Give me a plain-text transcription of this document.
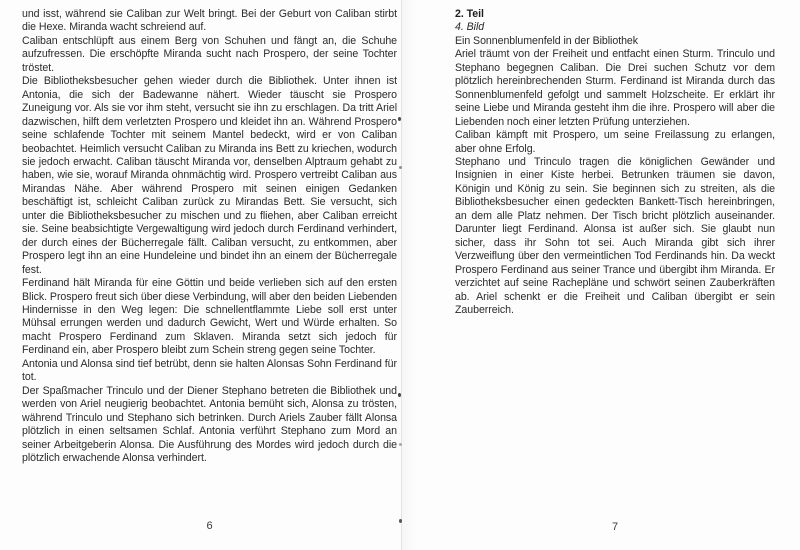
und isst, während sie Caliban zur Welt bringt. Bei der Geburt von Caliban stirbt die Hexe. Miranda wacht schreiend auf.

Caliban entschlüpft aus einem Berg von Schuhen und fängt an, die Schuhe aufzufressen. Die erschöpfte Miranda sucht nach Prospero, der seine Tochter tröstet.

Die Bibliotheksbesucher gehen wieder durch die Bibliothek. Unter ihnen ist Antonia, die sich der Badewanne nähert. Wieder täuscht sie Prospero Zuneigung vor. Als sie vor ihm steht, versucht sie ihn zu erschlagen. Da tritt Ariel dazwischen, hilft dem verletzten Prospero und kleidet ihn an. Während Prospero seine schlafende Tochter mit seinem Mantel bedeckt, wird er von Caliban beobachtet. Heimlich versucht Caliban zu Miranda ins Bett zu kriechen, wodurch sie jedoch erwacht. Caliban täuscht Miranda vor, denselben Alptraum gehabt zu haben, wie sie, worauf Miranda ohnmächtig wird. Prospero vertreibt Caliban aus Mirandas Nähe. Aber während Prospero mit seinen einigen Gedanken beschäftigt ist, schleicht Caliban zurück zu Mirandas Bett. Sie versucht, sich unter die Bibliotheksbesucher zu mischen und zu fliehen, aber Caliban erreicht sie. Seine beabsichtigte Vergewaltigung wird jedoch durch Ferdinand verhindert, der durch eines der Bücherregale fällt. Caliban versucht, zu entkommen, aber Prospero legt ihn an eine Hundeleine und bindet ihn an einem der Bücherregale fest.

Ferdinand hält Miranda für eine Göttin und beide verlieben sich auf den ersten Blick. Prospero freut sich über diese Verbindung, will aber den beiden Liebenden Hindernisse in den Weg legen: Die schnellentflammte Liebe soll erst unter Mühsal errungen werden und dadurch Gewicht, Wert und Würde erhalten. So macht Prospero Ferdinand zum Sklaven. Miranda setzt sich jedoch für Ferdinand ein, aber Prospero bleibt zum Schein streng gegen seine Tochter.

Antonia und Alonsa sind tief betrübt, denn sie halten Alonsas Sohn Ferdinand für tot.

Der Spaßmacher Trinculo und der Diener Stephano betreten die Bibliothek und werden von Ariel neugierig beobachtet. Antonia bemüht sich, Alonsa zu trösten, während Trinculo und Stephano sich betrinken. Durch Ariels Zauber fällt Alonsa plötzlich in einen seltsamen Schlaf. Antonia verführt Stephano zum Mord an seiner Arbeitgeberin Alonsa. Die Ausführung des Mordes wird jedoch durch die plötzlich erwachende Alonsa verhindert.

2. Teil

4. Bild

Ein Sonnenblumenfeld in der Bibliothek

Ariel träumt von der Freiheit und entfacht einen Sturm. Trinculo und Stephano begegnen Caliban. Die Drei suchen Schutz vor dem plötzlich hereinbrechenden Sturm. Ferdinand ist Miranda durch das Sonnenblumenfeld gefolgt und sammelt Holzscheite. Er erklärt ihr seine Liebe und Miranda gesteht ihm die ihre. Prospero will aber die Liebenden noch einer letzten Prüfung unterziehen.

Caliban kämpft mit Prospero, um seine Freilassung zu erlangen, aber ohne Erfolg.

Stephano und Trinculo tragen die königlichen Gewänder und Insignien in einer Kiste herbei. Betrunken träumen sie davon, Königin und König zu sein. Sie beginnen sich zu streiten, als die Bibliotheksbesucher einen gedeckten Bankett-Tisch hereinbringen, an dem alle Platz nehmen. Der Tisch bricht plötzlich auseinander. Darunter liegt Ferdinand. Alonsa ist außer sich. Sie glaubt nun sicher, dass ihr Sohn tot sei. Auch Miranda gibt sich ihrer Verzweiflung über den vermeintlichen Tod Ferdinands hin. Da weckt Prospero Ferdinand aus seiner Trance und übergibt ihm Miranda. Er verzichtet auf seine Rachepläne und schwört seinen Zauberkräften ab. Ariel schenkt er die Freiheit und Caliban übergibt er sein Zauberreich.

6	7
